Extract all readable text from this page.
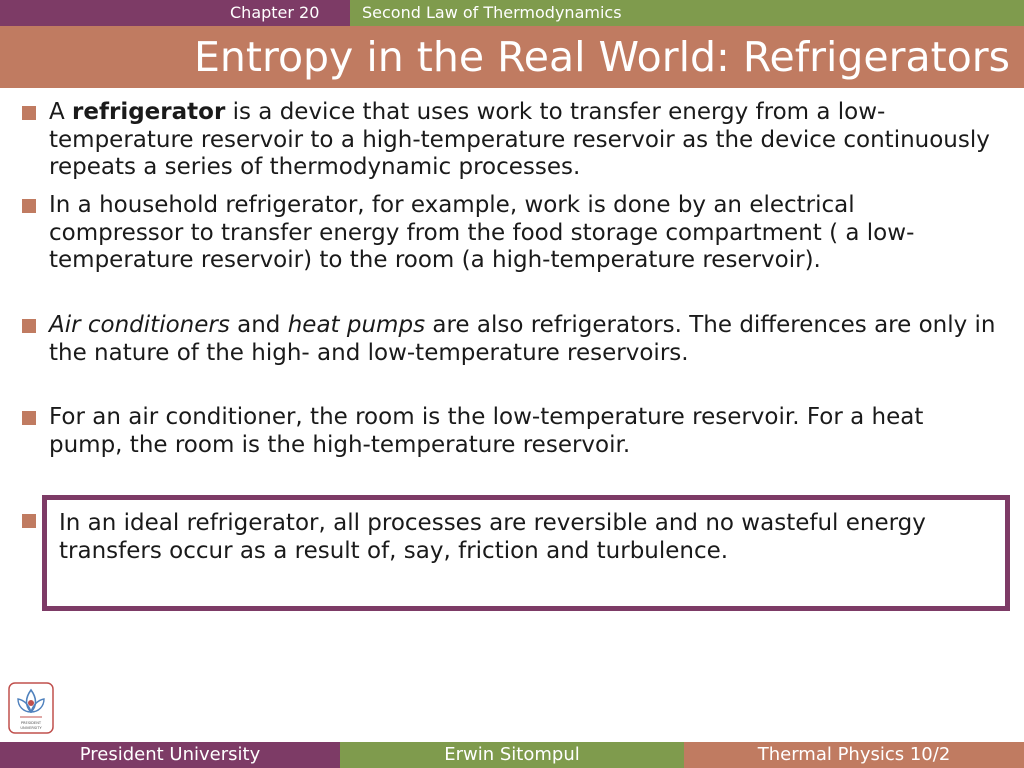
Chapter 20	Second Law of Thermodynamics
Entropy in the Real World: Refrigerators
A refrigerator is a device that uses work to transfer energy from a low-temperature reservoir to a high-temperature reservoir as the device continuously repeats a series of thermodynamic processes.
In a household refrigerator, for example, work is done by an electrical compressor to transfer energy from the food storage compartment ( a low-temperature reservoir) to the room (a high-temperature reservoir).
Air conditioners and heat pumps are also refrigerators. The differences are only in the nature of the high- and low-temperature reservoirs.
For an air conditioner, the room is the low-temperature reservoir. For a heat pump, the room is the high-temperature reservoir.
In an ideal refrigerator, all processes are reversible and no wasteful energy transfers occur as a result of, say, friction and turbulence.
PRESIDENT
UNIVERSITY
President University	Erwin Sitompul	Thermal Physics 10/2
